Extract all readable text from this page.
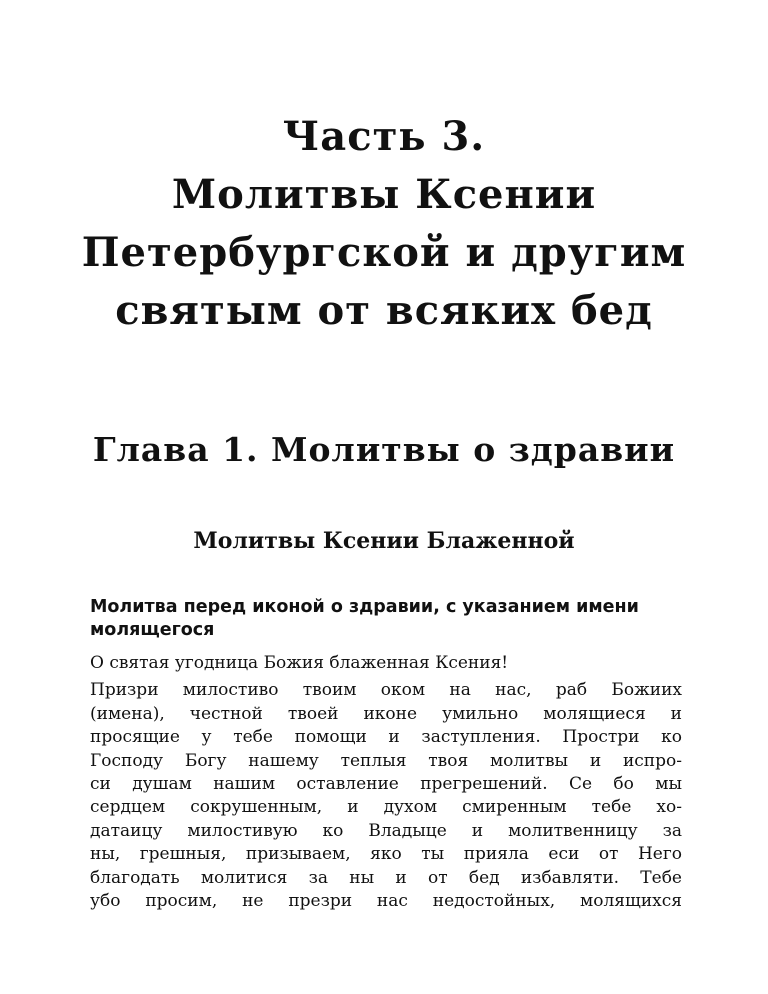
Часть 3.
Молитвы Ксении
Петербургской и другим
святым от всяких бед
Глава 1. Молитвы о здравии
Молитвы Ксении Блаженной
Молитва перед иконой о здравии, с указанием имени молящегося

О святая угодница Божия блаженная Ксения!

Призри милостиво твоим оком на нас, раб Божиих
(имена), честной твоей иконе умильно молящиеся и
просящие у тебе помощи и заступления. Простри ко
Господу Богу нашему теплыя твоя молитвы и испро-
си душам нашим оставление прегрешений. Се бо мы
сердцем сокрушенным, и духом смиренным тебе хо-
датаицу милостивую ко Владыце и молитвенницу за
ны, грешныя, призываем, яко ты прияла еси от Него
благодать молитися за ны и от бед избавляти. Тебе
убо просим, не презри нас недостойных, молящихся
